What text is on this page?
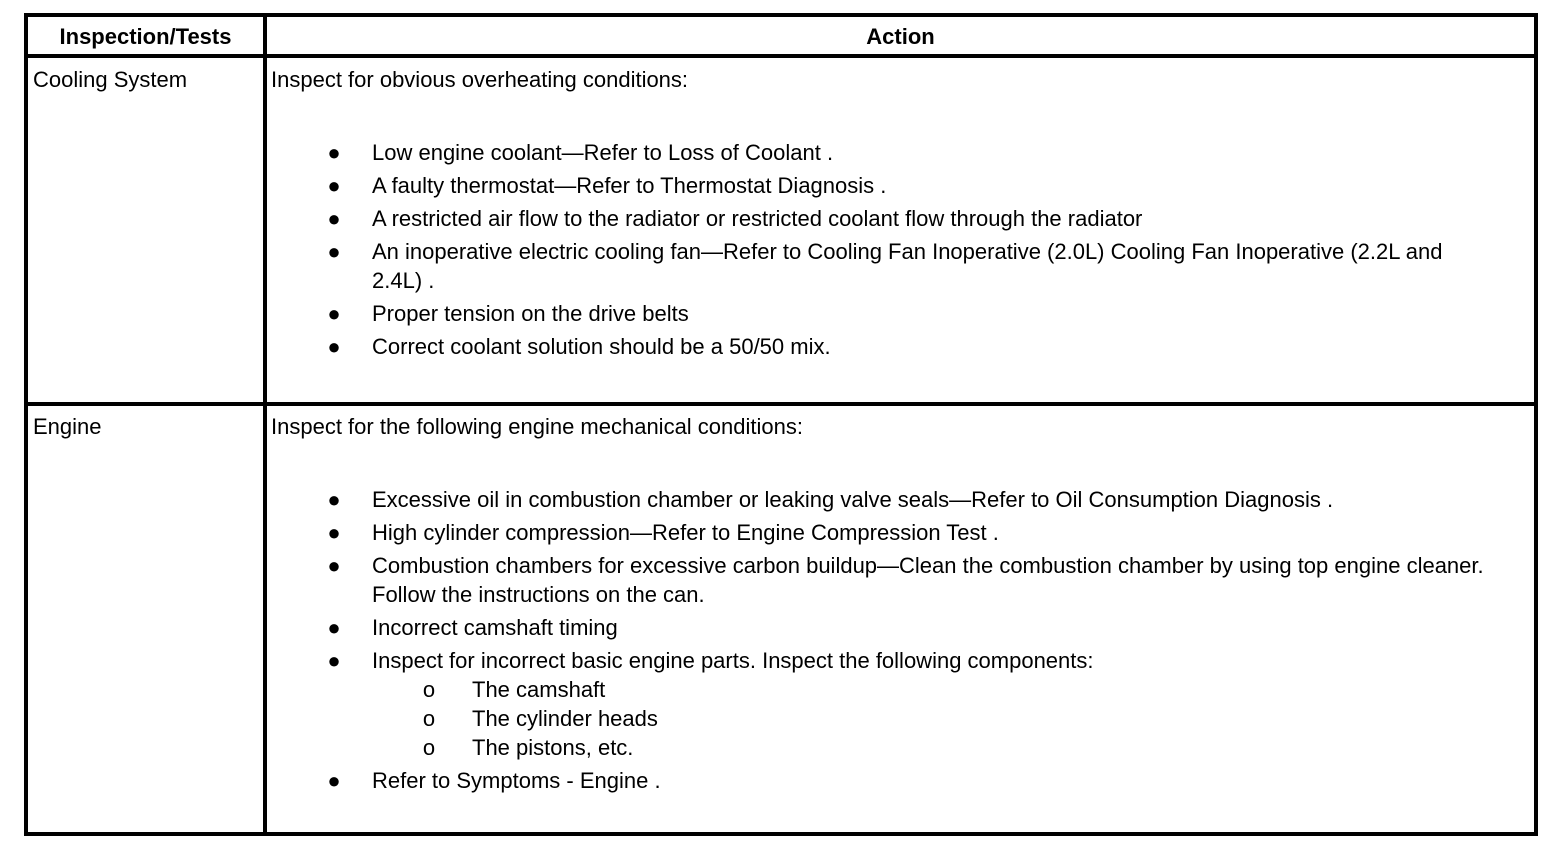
Inspection/Tests	Action
Cooling System	Inspect for obvious overheating conditions:
● Low engine coolant—Refer to Loss of Coolant .
● A faulty thermostat—Refer to Thermostat Diagnosis .
● A restricted air flow to the radiator or restricted coolant flow through the radiator
● An inoperative electric cooling fan—Refer to Cooling Fan Inoperative (2.0L) Cooling Fan Inoperative (2.2L and 2.4L) .
● Proper tension on the drive belts
● Correct coolant solution should be a 50/50 mix.
Engine	Inspect for the following engine mechanical conditions:
● Excessive oil in combustion chamber or leaking valve seals—Refer to Oil Consumption Diagnosis .
● High cylinder compression—Refer to Engine Compression Test .
● Combustion chambers for excessive carbon buildup—Clean the combustion chamber by using top engine cleaner. Follow the instructions on the can.
● Incorrect camshaft timing
● Inspect for incorrect basic engine parts. Inspect the following components:
o The camshaft
o The cylinder heads
o The pistons, etc.
● Refer to Symptoms - Engine .
